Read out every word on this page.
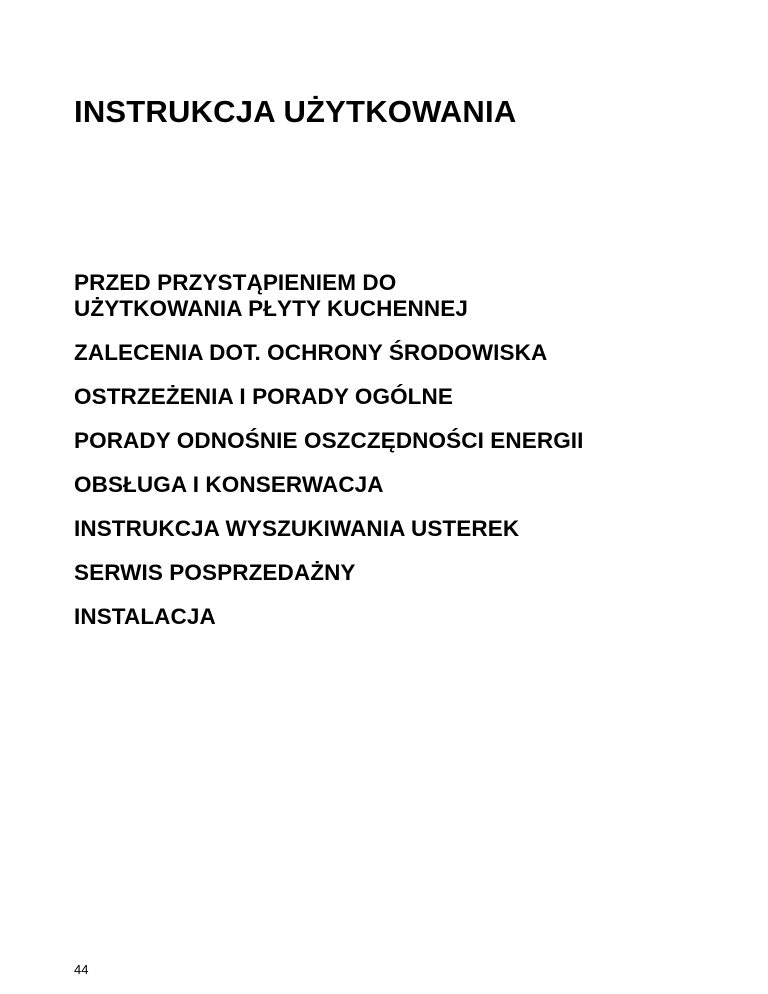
INSTRUKCJA UŻYTKOWANIA
PRZED PRZYSTĄPIENIEM DO UŻYTKOWANIA PŁYTY KUCHENNEJ
ZALECENIA DOT. OCHRONY ŚRODOWISKA
OSTRZEŻENIA I PORADY OGÓLNE
PORADY ODNOŚNIE OSZCZĘDNOŚCI ENERGII
OBSŁUGA I KONSERWACJA
INSTRUKCJA WYSZUKIWANIA USTEREK
SERWIS POSPRZEDAŻNY
INSTALACJA
44
